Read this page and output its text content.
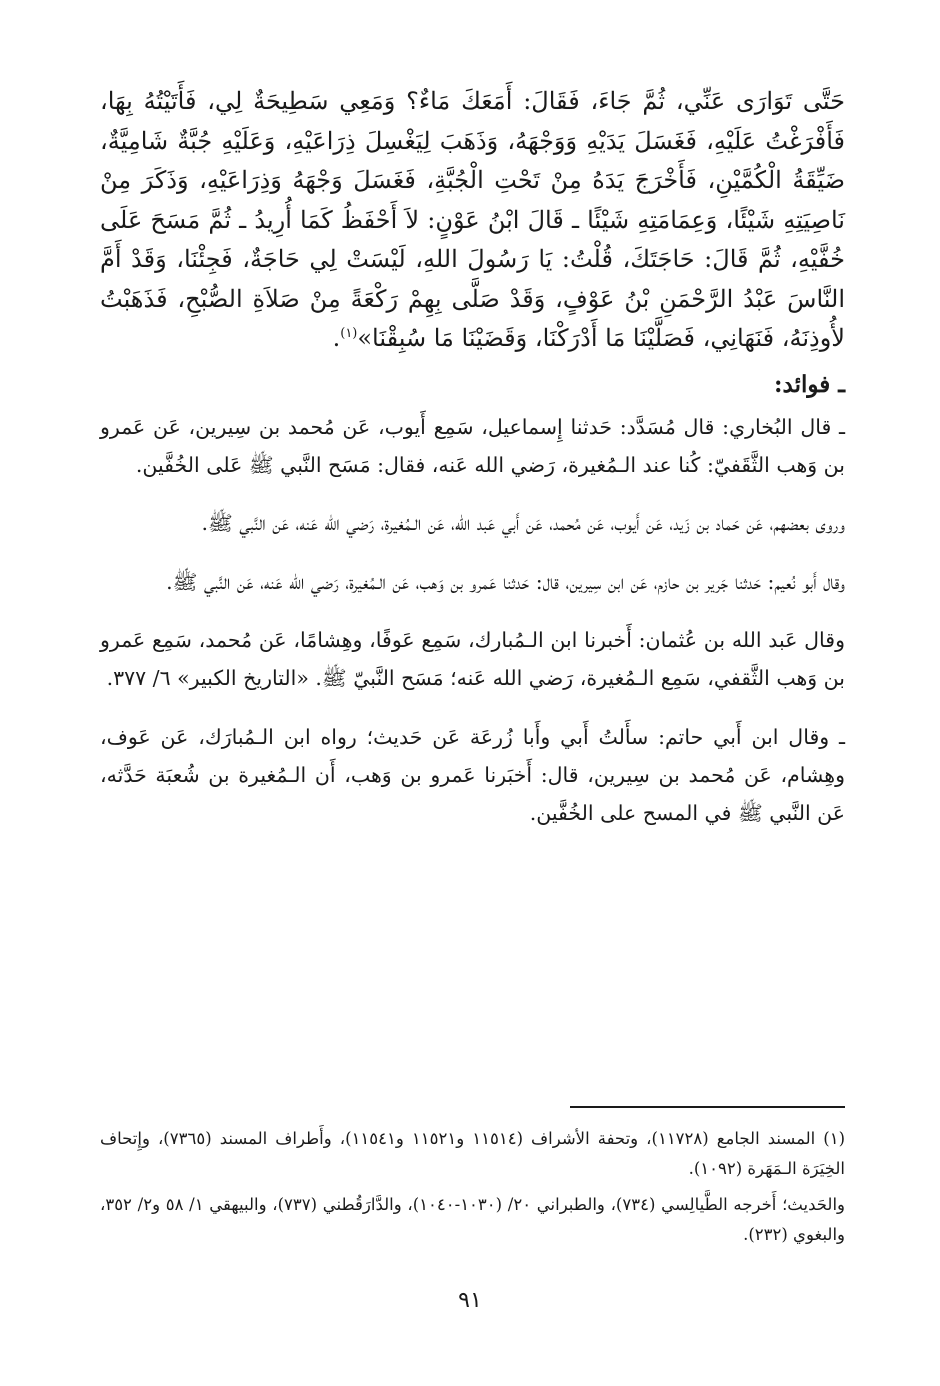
حَتَّى تَوَارَى عَنِّي، ثُمَّ جَاءَ، فَقَالَ: أَمَعَكَ مَاءٌ؟ وَمَعِي سَطِيحَةٌ لِي، فَأَتَيْتُهُ بِهَا، فَأَفْرَغْتُ عَلَيْهِ، فَغَسَلَ يَدَيْهِ وَوَجْهَهُ، وَذَهَبَ لِيَغْسِلَ ذِرَاعَيْهِ، وَعَلَيْهِ جُبَّةٌ شَامِيَّةٌ، ضَيِّقَةُ الْكُمَّيْنِ، فَأَخْرَجَ يَدَهُ مِنْ تَحْتِ الْجُبَّةِ، فَغَسَلَ وَجْهَهُ وَذِرَاعَيْهِ، وَذَكَرَ مِنْ نَاصِيَتِهِ شَيْئًا، وَعِمَامَتِهِ شَيْئًا ـ قَالَ ابْنُ عَوْنٍ: لاَ أَحْفَظُ كَمَا أُرِيدُ ـ ثُمَّ مَسَحَ عَلَى خُفَّيْهِ، ثُمَّ قَالَ: حَاجَتَكَ، قُلْتُ: يَا رَسُولَ اللهِ، لَيْسَتْ لِي حَاجَةٌ، فَجِئْنَا، وَقَدْ أَمَّ النَّاسَ عَبْدُ الرَّحْمَنِ بْنُ عَوْفٍ، وَقَدْ صَلَّى بِهِمْ رَكْعَةً مِنْ صَلاَةِ الصُّبْحِ، فَذَهَبْتُ لأُوذِنَهُ، فَنَهَانِي، فَصَلَّيْنَا مَا أَدْرَكْنَا، وَقَضَيْنَا مَا سُبِقْنَا»$^{(١)}$.

ـ فوائد:

ـ قال البُخاري: قال مُسَدَّد: حَدثنا إِسماعيل، سَمِع أَيوب، عَن مُحمد بن سِيرين، عَن عَمرو بن وَهب الثَّقَفيّ: كُنا عند الـمُغيرة، رَضي الله عَنه، فقال: مَسَح النَّبي ﷺ عَلى الخُفَّين.

وروى بعضهم، عَن حَماد بن زَيد، عَن أَيوب، عَن مُحمد، عَن أَبي عَبد الله، عَن الـمُغيرة، رَضي الله عَنه، عَن النَّبي ﷺ.

وقال أَبو نُعيم: حَدثنا جَرير بن حازم، عَن ابن سِيرين، قال: حَدثنا عَمرو بن وَهب، عَن الـمُغيرة، رَضي الله عَنه، عَن النَّبي ﷺ.

وقال عَبد الله بن عُثمان: أَخبرنا ابن الـمُبارك، سَمِع عَوفًا، وهِشامًا، عَن مُحمد، سَمِع عَمرو بن وَهب الثَّقفي، سَمِع الـمُغيرة، رَضي الله عَنه؛ مَسَح النَّبيّ ﷺ. «التاريخ الكبير» ٦/ ٣٧٧.

ـ وقال ابن أَبي حاتم: سأَلتُ أَبي وأَبا زُرعَة عَن حَديث؛ رواه ابن الـمُبارَك، عَن عَوف، وهِشام، عَن مُحمد بن سِيرين، قال: أَخبَرنا عَمرو بن وَهب، أَن الـمُغيرة بن شُعبَة حَدَّثه، عَن النَّبي ﷺ في المسح على الخُفَّين.

(١) المسند الجامع (١١٧٢٨)، وتحفة الأشراف (١١٥١٤ و١١٥٢١ و١١٥٤١)، وأَطراف المسند (٧٣٦٥)، وإِتحاف الخِيَرَة الـمَهَرة (١٠٩٢).

والحَديث؛ أَخرجه الطَّيالِسي (٧٣٤)، والطبراني ٢٠/ (١٠٣٠-١٠٤٠)، والدَّارَقُطني (٧٣٧)، والبيهقي ١/ ٥٨ و٢/ ٣٥٢، والبغوي (٢٣٢).

٩١
